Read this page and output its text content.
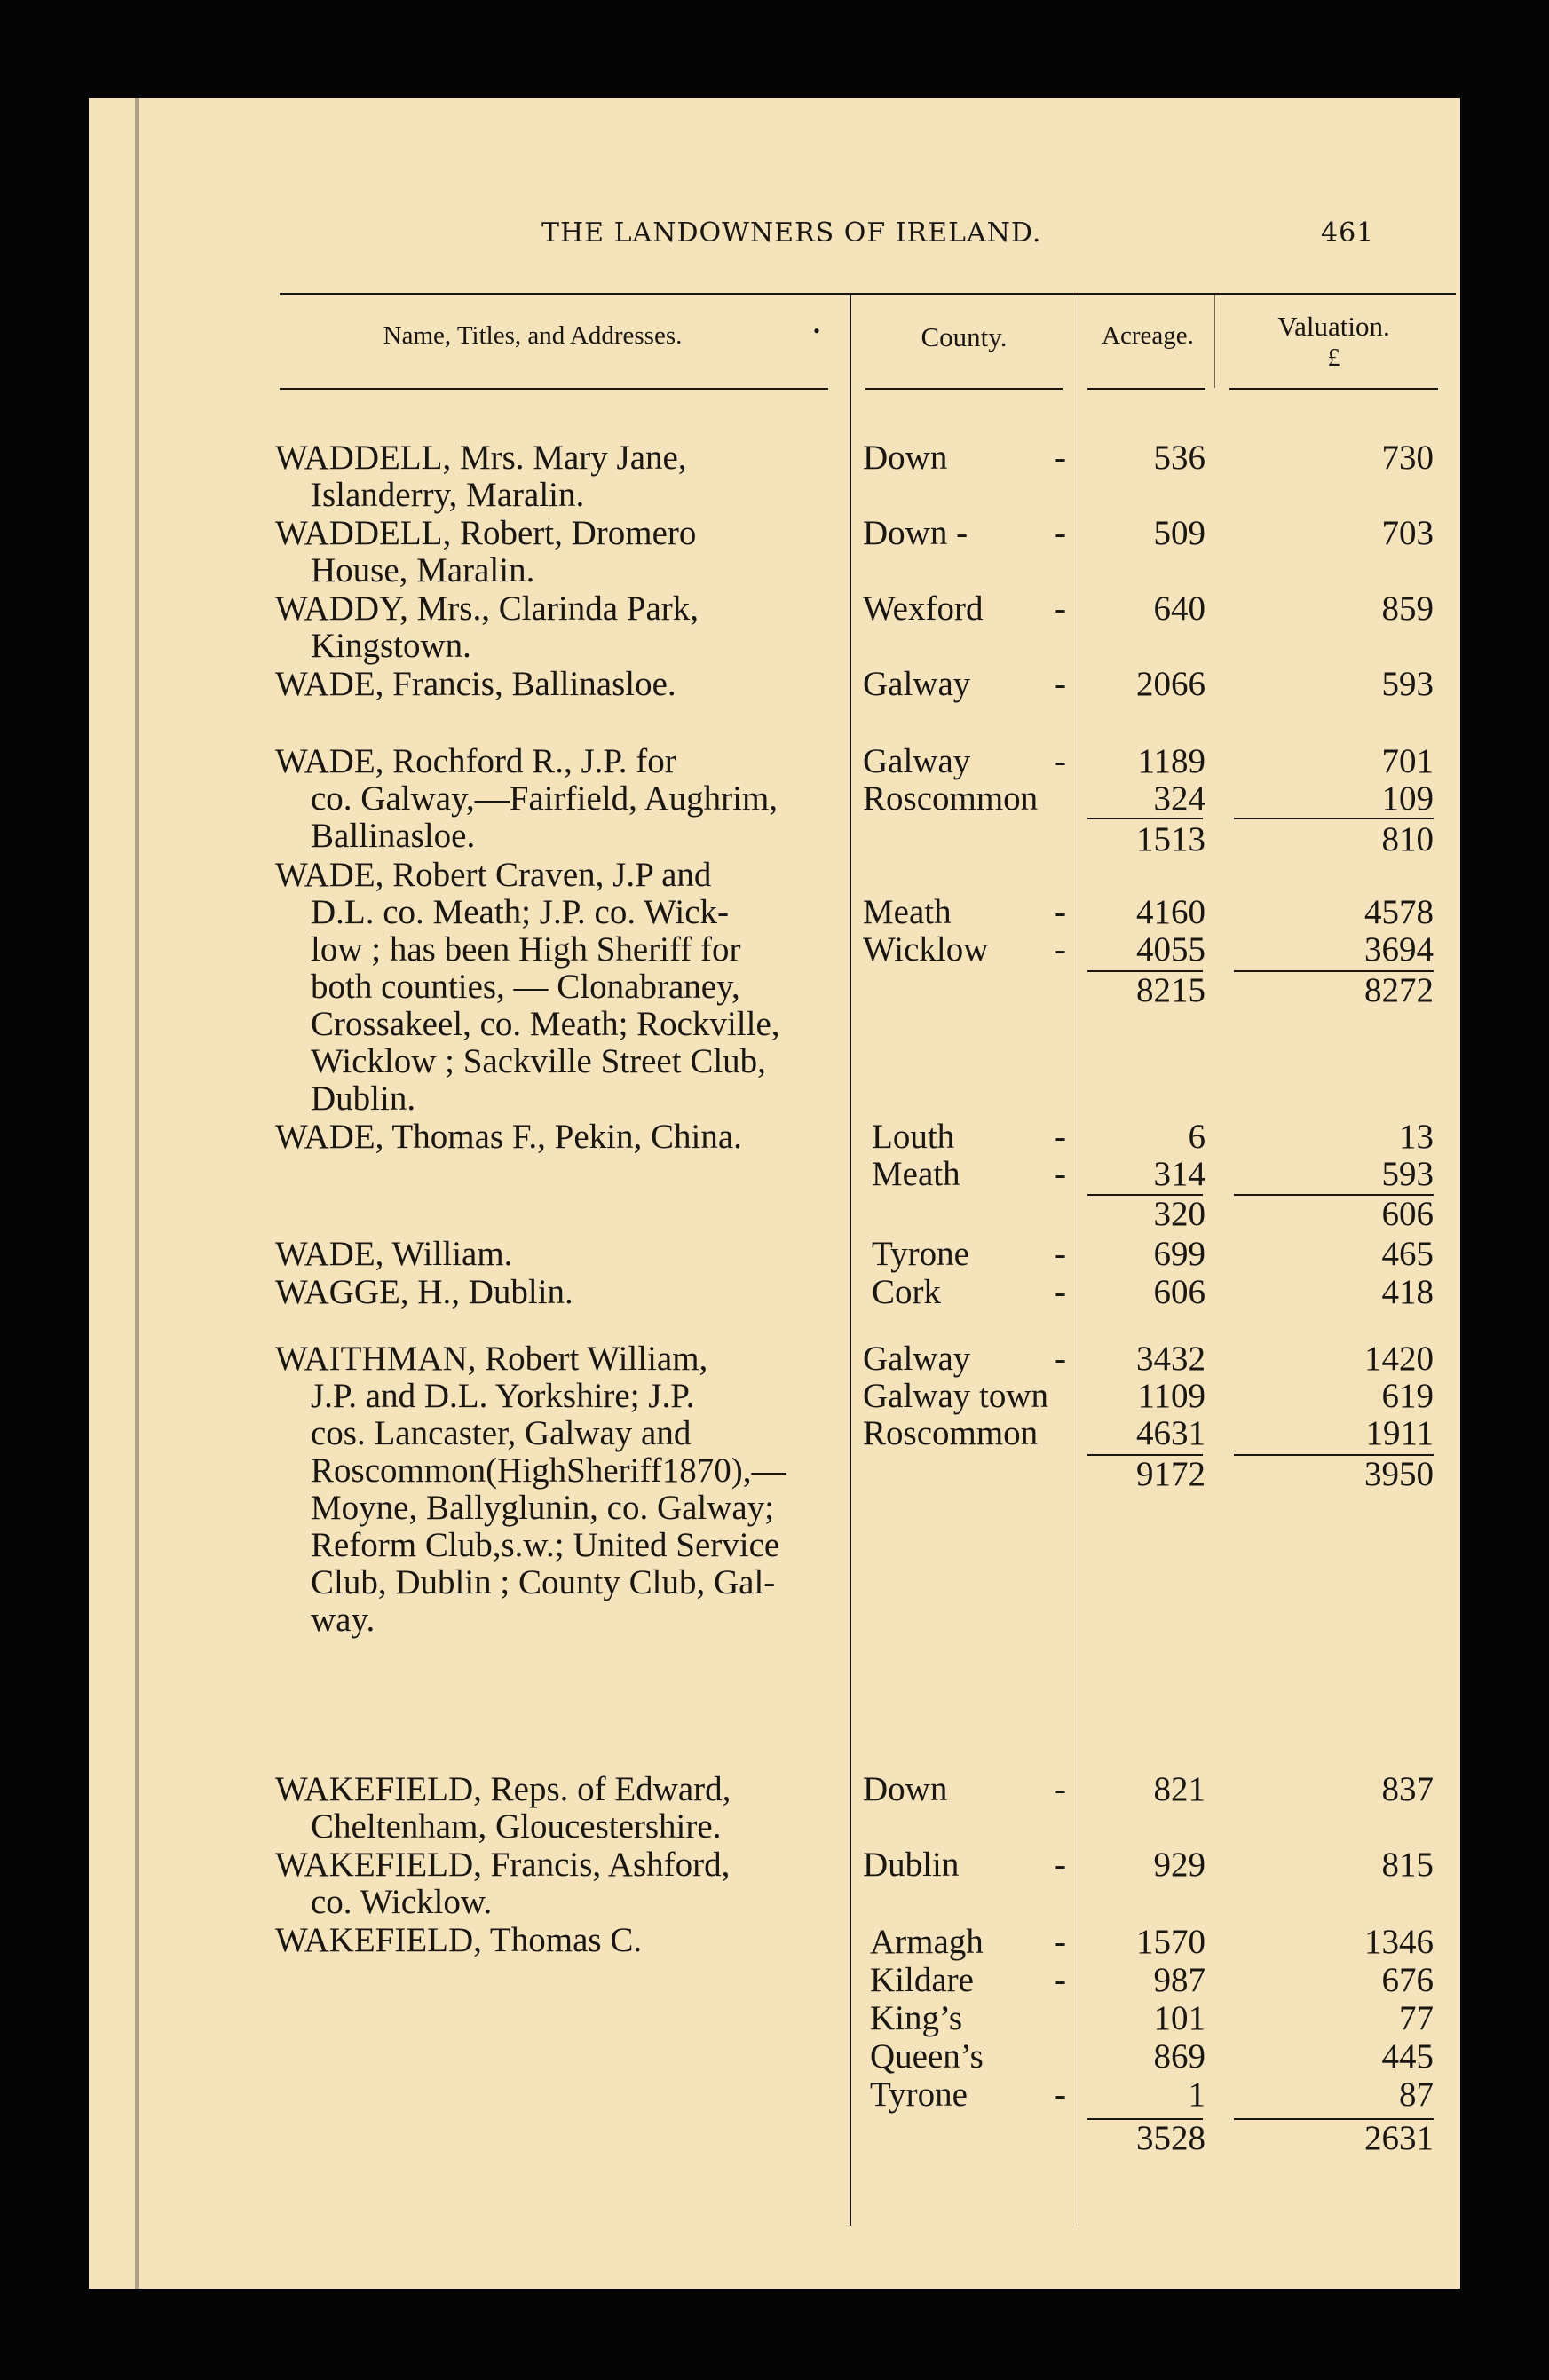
THE LANDOWNERS OF IRELAND.	461
Name, Titles, and Addresses.	•	County.	Acreage.	Valuation.
£
WADDELL, Mrs. Mary Jane,
Islanderry, Maralin.
Down	-	536	730
WADDELL, Robert, Dromero
House, Maralin.
Down -	-	509	703
WADDY, Mrs., Clarinda Park,
Kingstown.
Wexford -	640	859
WADE, Francis, Ballinasloe.	Galway -	2066	593
WADE, Rochford R., J.P. for
co. Galway,—Fairfield, Aughrim,
Ballinasloe.
Galway -	1189	701
Roscommon	324	109
1513	810
WADE, Robert Craven, J.P and
D.L. co. Meath; J.P. co. Wick-
low ; has been High Sheriff for
both counties, — Clonabraney,
Crossakeel, co. Meath; Rockville,
Wicklow ; Sackville Street Club,
Dublin.
Meath	-	4160	4578
Wicklow -	4055	3694
8215	8272
WADE, Thomas F., Pekin, China.	Louth	-	6	13
Meath	-	314	593
320	606
WADE, William.	Tyrone -	699	465
WAGGE, H., Dublin.	Cork	-	606	418
WAITHMAN, Robert William,
J.P. and D.L. Yorkshire; J.P.
cos. Lancaster, Galway and
Roscommon(HighSheriff1870),—
Moyne, Ballyglunin, co. Galway;
Reform Club,s.w.; United Service
Club, Dublin ; County Club, Gal-
way.
Galway -	3432	1420
Galway town	1109	619
Roscommon	4631	1911
9172	3950
WAKEFIELD, Reps. of Edward,
Cheltenham, Gloucestershire.
Down	-	821	837
WAKEFIELD, Francis, Ashford,
co. Wicklow.
Dublin	-	929	815
WAKEFIELD, Thomas C.	Armagh -	1570	1346
Kildare -	987	676
King’s	101	77
Queen’s	869	445
Tyrone	-	1	87
3528	2631
